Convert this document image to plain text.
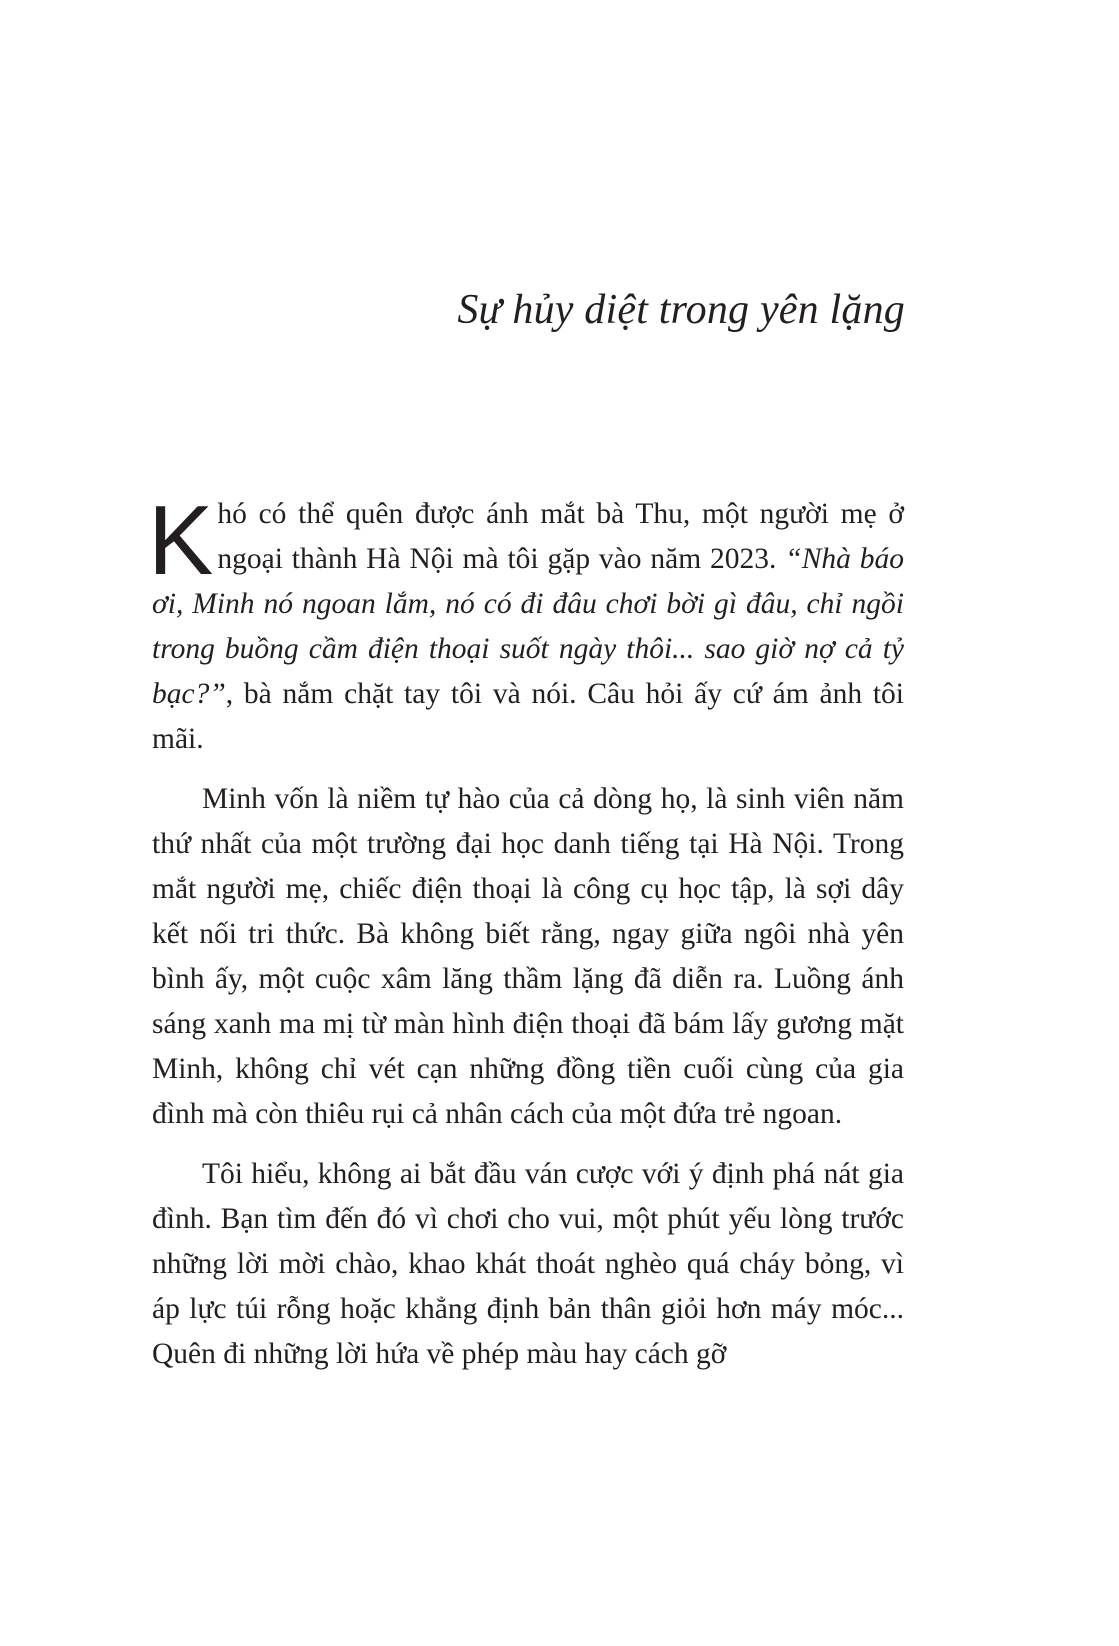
Sự hủy diệt trong yên lặng

Khó có thể quên được ánh mắt bà Thu, một người mẹ ở ngoại thành Hà Nội mà tôi gặp vào năm 2023. “Nhà báo ơi, Minh nó ngoan lắm, nó có đi đâu chơi bời gì đâu, chỉ ngồi trong buồng cầm điện thoại suốt ngày thôi... sao giờ nợ cả tỷ bạc?”, bà nắm chặt tay tôi và nói. Câu hỏi ấy cứ ám ảnh tôi mãi.

Minh vốn là niềm tự hào của cả dòng họ, là sinh viên năm thứ nhất của một trường đại học danh tiếng tại Hà Nội. Trong mắt người mẹ, chiếc điện thoại là công cụ học tập, là sợi dây kết nối tri thức. Bà không biết rằng, ngay giữa ngôi nhà yên bình ấy, một cuộc xâm lăng thầm lặng đã diễn ra. Luồng ánh sáng xanh ma mị từ màn hình điện thoại đã bám lấy gương mặt Minh, không chỉ vét cạn những đồng tiền cuối cùng của gia đình mà còn thiêu rụi cả nhân cách của một đứa trẻ ngoan.

Tôi hiểu, không ai bắt đầu ván cược với ý định phá nát gia đình. Bạn tìm đến đó vì chơi cho vui, một phút yếu lòng trước những lời mời chào, khao khát thoát nghèo quá cháy bỏng, vì áp lực túi rỗng hoặc khẳng định bản thân giỏi hơn máy móc... Quên đi những lời hứa về phép màu hay cách gỡ
